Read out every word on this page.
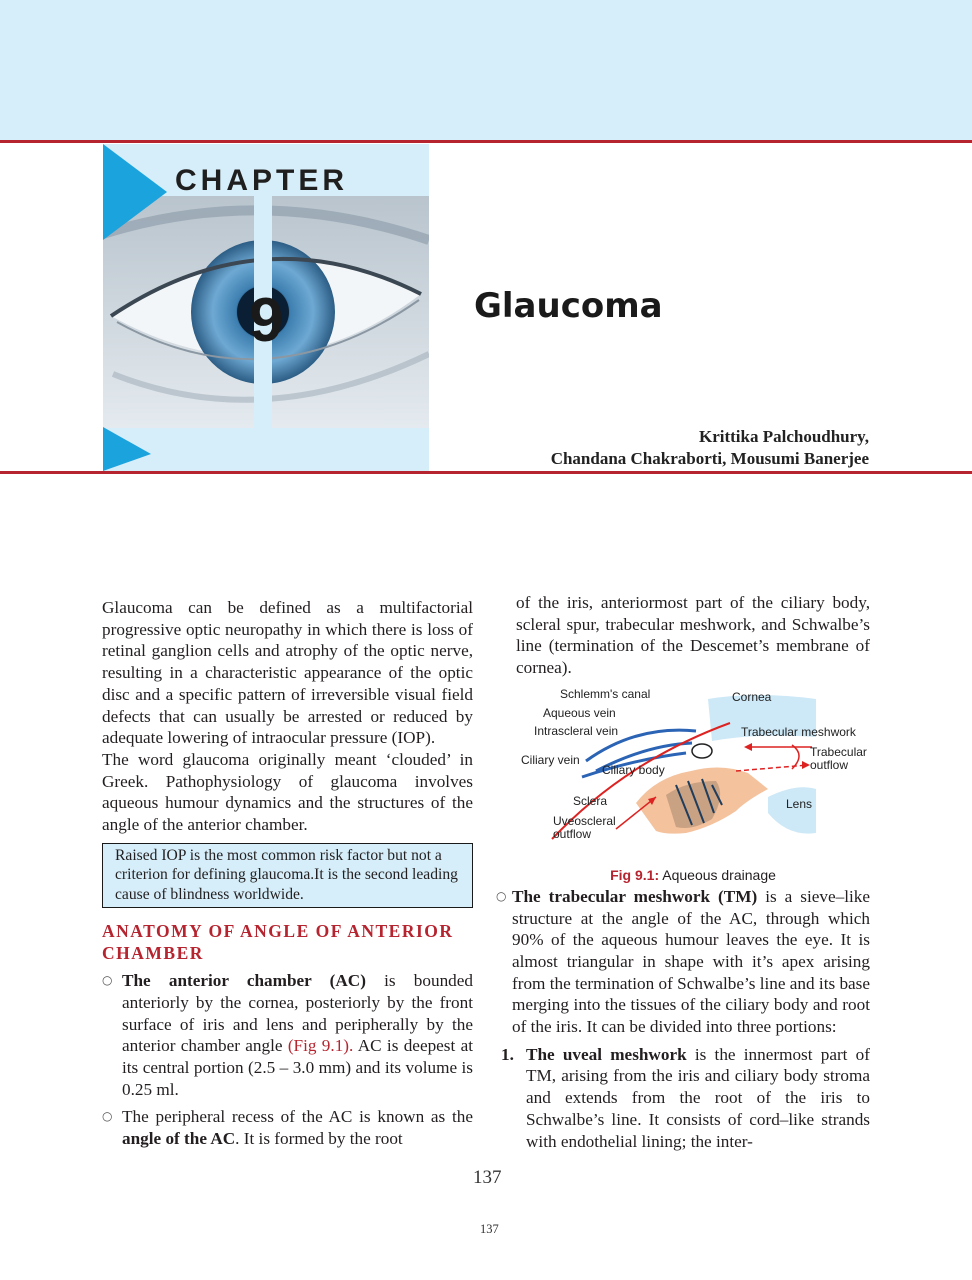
CHAPTER
9	Glaucoma
Krittika Palchoudhury,
Chandana Chakraborti, Mousumi Banerjee

Glaucoma can be defined as a multifactorial progressive optic neuropathy in which there is loss of retinal ganglion cells and atrophy of the optic nerve, resulting in a characteristic appearance of the optic disc and a specific pattern of irreversible visual field defects that can usually be arrested or reduced by adequate lowering of intraocular pressure (IOP).

The word glaucoma originally meant ‘clouded’ in Greek. Pathophysiology of glaucoma involves aqueous humour dynamics and the structures of the angle of the anterior chamber.

Raised IOP is the most common risk factor but not a criterion for defining glaucoma.It is the second leading cause of blindness worldwide.
ANATOMY OF ANGLE OF ANTERIOR
CHAMBER
○ The anterior chamber (AC) is bounded anteriorly by the cornea, posteriorly by the front surface of iris and lens and peripherally by the anterior chamber angle (Fig 9.1). AC is deepest at its central portion (2.5 – 3.0 mm) and its volume is 0.25 ml.
○ The peripheral recess of the AC is known as the angle of the AC. It is formed by the root

of the iris, anteriormost part of the ciliary body, scleral spur, trabecular meshwork, and Schwalbe’s line (termination of the Descemet’s membrane of cornea).

Schlemm's canal	Cornea
Aqueous vein
Intrascleral vein	Trabecular meshwork
Trabecular
outflow
Ciliary vein
Ciliary body
Sclera	Lens
Uveoscleral
outflow
Fig 9.1: Aqueous drainage
○ The trabecular meshwork (TM) is a sieve–like structure at the angle of the AC, through which 90% of the aqueous humour leaves the eye. It is almost triangular in shape with it’s apex arising from the termination of Schwalbe’s line and its base merging into the tissues of the ciliary body and root of the iris. It can be divided into three portions:
1. The uveal meshwork is the innermost part of TM, arising from the iris and ciliary body stroma and extends from the root of the iris to Schwalbe’s line. It consists of cord–like strands with endothelial lining; the inter-
137
137
